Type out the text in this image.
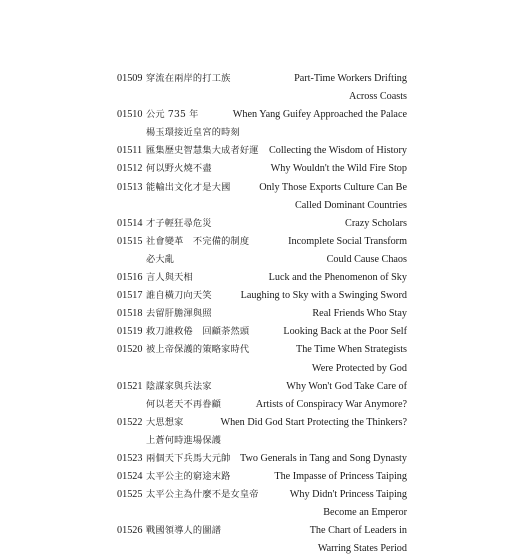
01509 穿流在兩岸的打工族	Part-Time Workers Drifting
Across Coasts
01510 公元 735 年	When Yang Guifey Approached the Palace
楊玉環接近皇宮的時刻
01511 匯集歷史智慧集大成者好運 Collecting the Wisdom of History
01512 何以野火燒不盡	Why Wouldn't the Wild Fire Stop
01513 能輸出文化才是大國	Only Those Exports Culture Can Be
Called Dominant Countries
01514 才子輕狂尋危災	Crazy Scholars
01515 社會變革　不完備的制度	Incomplete Social Transform
必大亂	Could Cause Chaos
01516 言人與天相	Luck and the Phenomenon of Sky
01517 誰自橫刀向天笑	Laughing to Sky with a Swinging Sword
01518 去留肝膽渾與照	Real Friends Who Stay
01519 救刀誰救倦　回顧荼然頭	Looking Back at the Poor Self
01520 被上帝保護的策略家時代	The Time When Strategists
Were Protected by God
01521 陰謀家與兵法家	Why Won't God Take Care of
何以老天不再眷顧	Artists of Conspiracy War Anymore?
01522 大思想家	When Did God Start Protecting the Thinkers?
上蒼何時進場保護
01523 兩個天下兵馬大元帥 Two Generals in Tang and Song Dynasty
01524 太平公主的窮途末路	The Impasse of Princess Taiping
01525 太平公主為什麼不是女皇帝	Why Didn't Princess Taiping
Become an Emperor
01526 戰國領導人的圖譜	The Chart of Leaders in
Warring States Period
